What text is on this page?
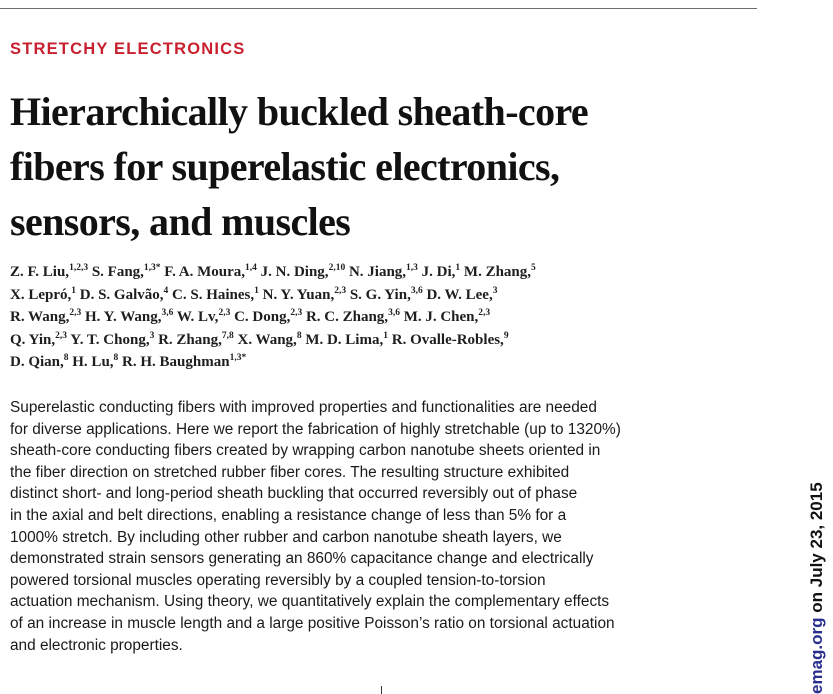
STRETCHY ELECTRONICS
Hierarchically buckled sheath-core
fibers for superelastic electronics,
sensors, and muscles
Z. F. Liu,$^{1,2,3}$ S. Fang,$^{1,3*}$ F. A. Moura,$^{1,4}$ J. N. Ding,$^{2,10}$ N. Jiang,$^{1,3}$ J. Di,$^1$ M. Zhang,$^5$
X. Lepró,$^1$ D. S. Galvão,$^4$ C. S. Haines,$^1$ N. Y. Yuan,$^{2,3}$ S. G. Yin,$^{3,6}$ D. W. Lee,$^3$
R. Wang,$^{2,3}$ H. Y. Wang,$^{3,6}$ W. Lv,$^{2,3}$ C. Dong,$^{2,3}$ R. C. Zhang,$^{3,6}$ M. J. Chen,$^{2,3}$
Q. Yin,$^{2,3}$ Y. T. Chong,$^3$ R. Zhang,$^{7,8}$ X. Wang,$^8$ M. D. Lima,$^1$ R. Ovalle-Robles,$^9$
D. Qian,$^8$ H. Lu,$^8$ R. H. Baughman$^{1,3*}$
Superelastic conducting fibers with improved properties and functionalities are needed
for diverse applications. Here we report the fabrication of highly stretchable (up to 1320%)
sheath-core conducting fibers created by wrapping carbon nanotube sheets oriented in
the fiber direction on stretched rubber fiber cores. The resulting structure exhibited
distinct short- and long-period sheath buckling that occurred reversibly out of phase
in the axial and belt directions, enabling a resistance change of less than 5% for a
1000% stretch. By including other rubber and carbon nanotube sheath layers, we
demonstrated strain sensors generating an 860% capacitance change and electrically
powered torsional muscles operating reversibly by a coupled tension-to-torsion
actuation mechanism. Using theory, we quantitatively explain the complementary effects
of an increase in muscle length and a large positive Poisson’s ratio on torsional actuation
and electronic properties.	emag.org on July 23, 2015
